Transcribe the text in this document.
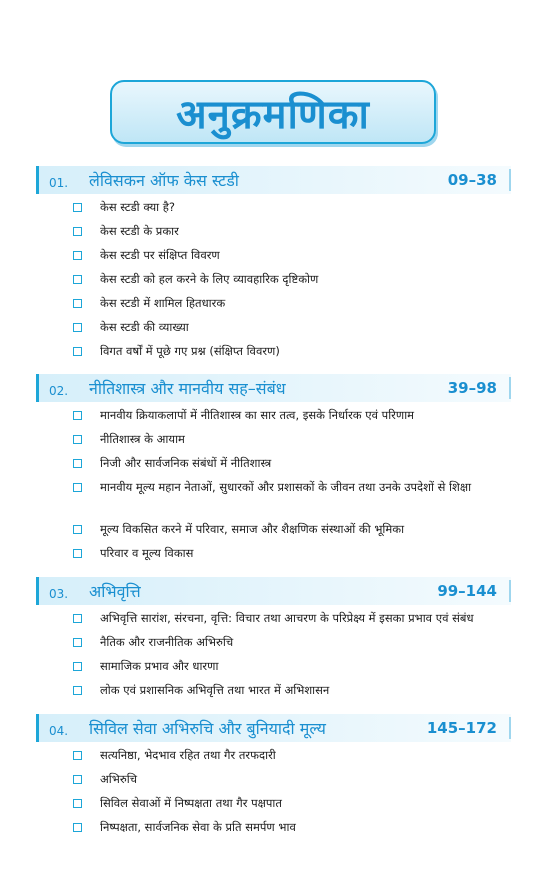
अनुक्रमणिका
01.	लेविसकन ऑफ केस स्टडी	09–38
केस स्टडी क्या है?
केस स्टडी के प्रकार
केस स्टडी पर संक्षिप्त विवरण
केस स्टडी को हल करने के लिए व्यावहारिक दृष्टिकोण
केस स्टडी में शामिल हितधारक
केस स्टडी की व्याख्या
विगत वर्षों में पूछे गए प्रश्न (संक्षिप्त विवरण)
02.	नीतिशास्त्र और मानवीय सह–संबंध	39–98
मानवीय क्रियाकलापों में नीतिशास्त्र का सार तत्व, इसके निर्धारक एवं परिणाम
नीतिशास्त्र के आयाम
निजी और सार्वजनिक संबंधों में नीतिशास्त्र
मानवीय मूल्य महान नेताओं, सुधारकों और प्रशासकों के जीवन तथा उनके उपदेशों से शिक्षा
मूल्य विकसित करने में परिवार, समाज और शैक्षणिक संस्थाओं की भूमिका
परिवार व मूल्य विकास
03.	अभिवृत्ति	99–144
अभिवृत्ति सारांश, संरचना, वृत्ति: विचार तथा आचरण के परिप्रेक्ष्य में इसका प्रभाव एवं संबंध
नैतिक और राजनीतिक अभिरुचि
सामाजिक प्रभाव और धारणा
लोक एवं प्रशासनिक अभिवृत्ति तथा भारत में अभिशासन
04.	सिविल सेवा अभिरुचि और बुनियादी मूल्य	145–172
सत्यनिष्ठा, भेदभाव रहित तथा गैर तरफदारी
अभिरुचि
सिविल सेवाओं में निष्पक्षता तथा गैर पक्षपात
निष्पक्षता, सार्वजनिक सेवा के प्रति समर्पण भाव
